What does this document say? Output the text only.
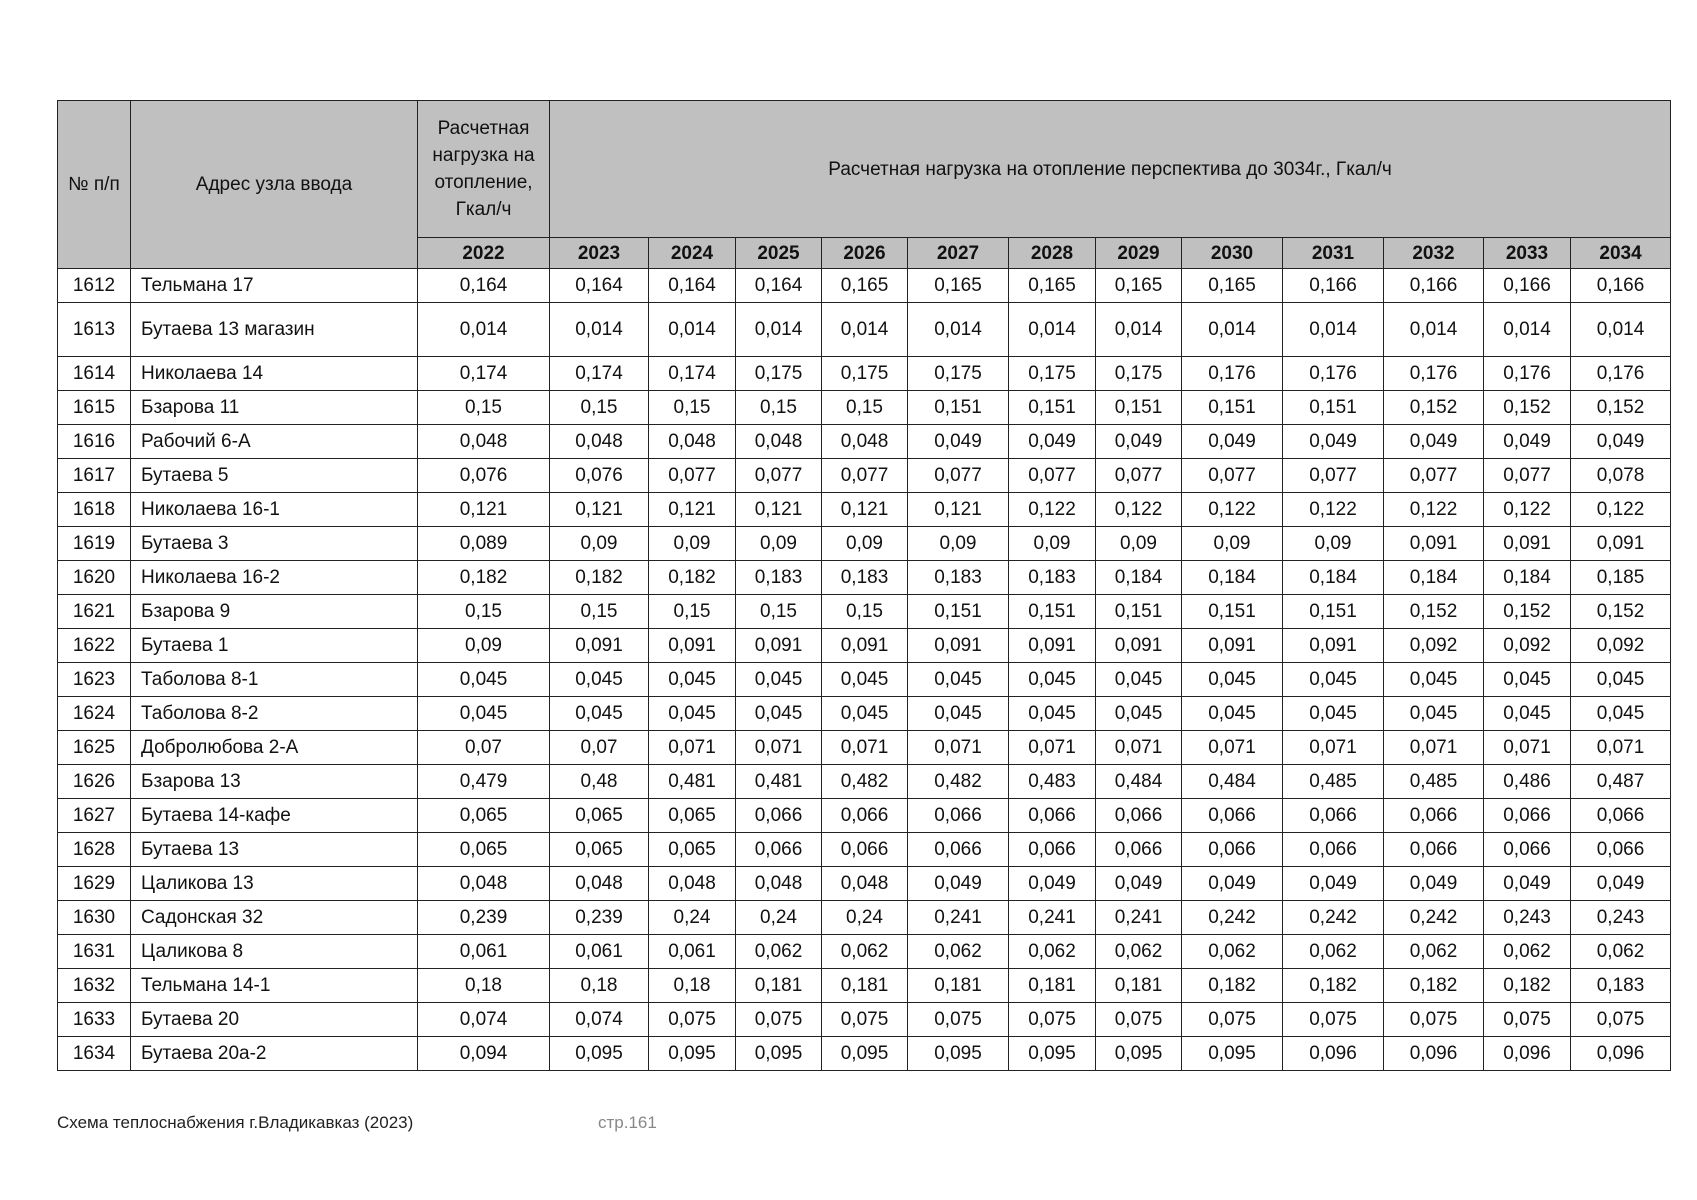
№ п/п	Адрес узла ввода	Расчетная нагрузка на отопление, Гкал/ч	Расчетная нагрузка на отопление перспектива до 3034г., Гкал/ч											
		2022	2023	2024	2025	2026	2027	2028	2029	2030	2031	2032	2033	2034
1612	Тельмана 17	0,164	0,164	0,164	0,164	0,165	0,165	0,165	0,165	0,165	0,166	0,166	0,166	0,166
1613	Бутаева 13 магазин	0,014	0,014	0,014	0,014	0,014	0,014	0,014	0,014	0,014	0,014	0,014	0,014	0,014
1614	Николаева 14	0,174	0,174	0,174	0,175	0,175	0,175	0,175	0,175	0,176	0,176	0,176	0,176	0,176
1615	Бзарова 11	0,15	0,15	0,15	0,15	0,15	0,151	0,151	0,151	0,151	0,151	0,152	0,152	0,152
1616	Рабочий 6-А	0,048	0,048	0,048	0,048	0,048	0,049	0,049	0,049	0,049	0,049	0,049	0,049	0,049
1617	Бутаева 5	0,076	0,076	0,077	0,077	0,077	0,077	0,077	0,077	0,077	0,077	0,077	0,077	0,078
1618	Николаева 16-1	0,121	0,121	0,121	0,121	0,121	0,121	0,122	0,122	0,122	0,122	0,122	0,122	0,122
1619	Бутаева 3	0,089	0,09	0,09	0,09	0,09	0,09	0,09	0,09	0,09	0,09	0,091	0,091	0,091
1620	Николаева 16-2	0,182	0,182	0,182	0,183	0,183	0,183	0,183	0,184	0,184	0,184	0,184	0,184	0,185
1621	Бзарова 9	0,15	0,15	0,15	0,15	0,15	0,151	0,151	0,151	0,151	0,151	0,152	0,152	0,152
1622	Бутаева 1	0,09	0,091	0,091	0,091	0,091	0,091	0,091	0,091	0,091	0,091	0,092	0,092	0,092
1623	Таболова 8-1	0,045	0,045	0,045	0,045	0,045	0,045	0,045	0,045	0,045	0,045	0,045	0,045	0,045
1624	Таболова 8-2	0,045	0,045	0,045	0,045	0,045	0,045	0,045	0,045	0,045	0,045	0,045	0,045	0,045
1625	Добролюбова 2-А	0,07	0,07	0,071	0,071	0,071	0,071	0,071	0,071	0,071	0,071	0,071	0,071	0,071
1626	Бзарова 13	0,479	0,48	0,481	0,481	0,482	0,482	0,483	0,484	0,484	0,485	0,485	0,486	0,487
1627	Бутаева 14-кафе	0,065	0,065	0,065	0,066	0,066	0,066	0,066	0,066	0,066	0,066	0,066	0,066	0,066
1628	Бутаева 13	0,065	0,065	0,065	0,066	0,066	0,066	0,066	0,066	0,066	0,066	0,066	0,066	0,066
1629	Цаликова 13	0,048	0,048	0,048	0,048	0,048	0,049	0,049	0,049	0,049	0,049	0,049	0,049	0,049
1630	Садонская 32	0,239	0,239	0,24	0,24	0,24	0,241	0,241	0,241	0,242	0,242	0,242	0,243	0,243
1631	Цаликова 8	0,061	0,061	0,061	0,062	0,062	0,062	0,062	0,062	0,062	0,062	0,062	0,062	0,062
1632	Тельмана 14-1	0,18	0,18	0,18	0,181	0,181	0,181	0,181	0,181	0,182	0,182	0,182	0,182	0,183
1633	Бутаева 20	0,074	0,074	0,075	0,075	0,075	0,075	0,075	0,075	0,075	0,075	0,075	0,075	0,075
1634	Бутаева 20а-2	0,094	0,095	0,095	0,095	0,095	0,095	0,095	0,095	0,095	0,096	0,096	0,096	0,096
Схема теплоснабжения г.Владикавказ (2023)	стр.161
